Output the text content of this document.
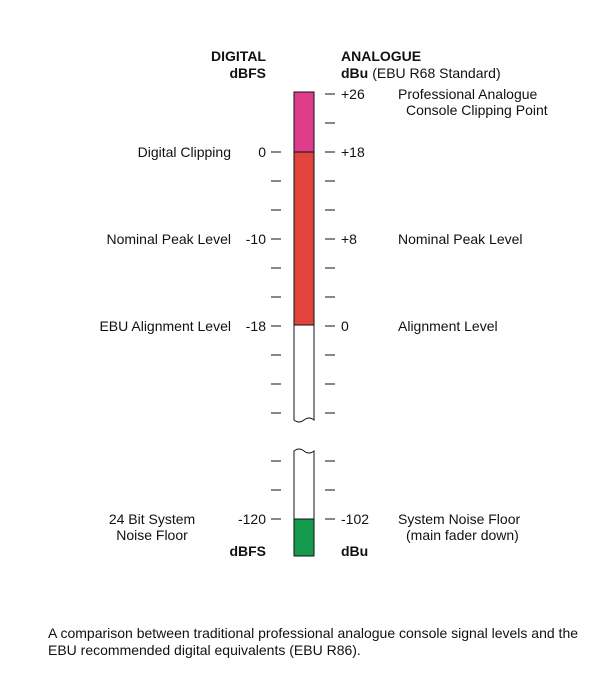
DIGITAL
dBFS
ANALOGUE
dBu (EBU R68 Standard)
+26 Professional Analogue
Console Clipping Point
Digital Clipping 0	+18
Nominal Peak Level -10	+8	Nominal Peak Level
EBU Alignment Level -18	0	Alignment Level
24 Bit System
Noise Floor
-120	-102 System Noise Floor
(main fader down)
dBFS	dBu
A comparison between traditional professional analogue console signal levels and the EBU recommended digital equivalents (EBU R86).
